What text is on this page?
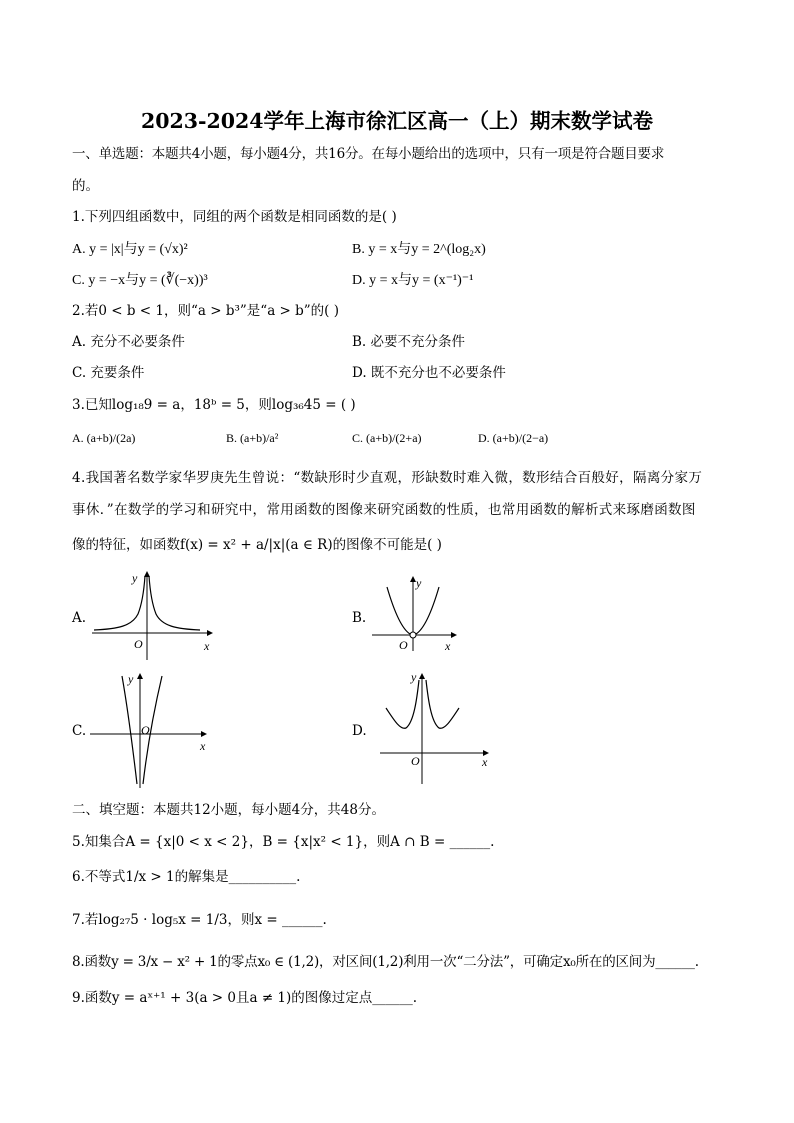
2023-2024学年上海市徐汇区高一（上）期末数学试卷
一、单选题：本题共4小题，每小题4分，共16分。在每小题给出的选项中，只有一项是符合题目要求
的。
1.下列四组函数中，同组的两个函数是相同函数的是( )
A. y = |x|与y = (√x)²	B. y = x与y = 2^(log₂x)
C. y = −x与y = (∛(−x))³	D. y = x与y = (x⁻¹)⁻¹
2.若0 < b < 1，则“a > b³”是“a > b”的( )
A. 充分不必要条件	B. 必要不充分条件
C. 充要条件	D. 既不充分也不必要条件
3.已知log₁₈9 = a，18ᵇ = 5，则log₃₆45 = ( )
A. (a+b)/(2a)	B. (a+b)/a²	C. (a+b)/(2+a)	D. (a+b)/(2−a)
4.我国著名数学家华罗庚先生曾说：“数缺形时少直观，形缺数时难入微，数形结合百般好，隔离分家万
事休．”在数学的学习和研究中，常用函数的图像来研究函数的性质，也常用函数的解析式来琢磨函数图
像的特征，如函数f(x) = x² + a/|x|(a ∈ R)的图像不可能是( )
A.	B.
C.	D.
y
O	x
y
O	x
y
O
x
y
O	x
二、填空题：本题共12小题，每小题4分，共48分。
5.知集合A = {x|0 < x < 2}，B = {x|x² < 1}，则A ∩ B = ______.
6.不等式1/x > 1的解集是__________.
7.若log₂₇5 · log₅x = 1/3，则x = ______.
8.函数y = 3/x − x² + 1的零点x₀ ∈ (1,2)，对区间(1,2)利用一次“二分法”，可确定x₀所在的区间为______.
9.函数y = aˣ⁺¹ + 3(a > 0且a ≠ 1)的图像过定点______.
